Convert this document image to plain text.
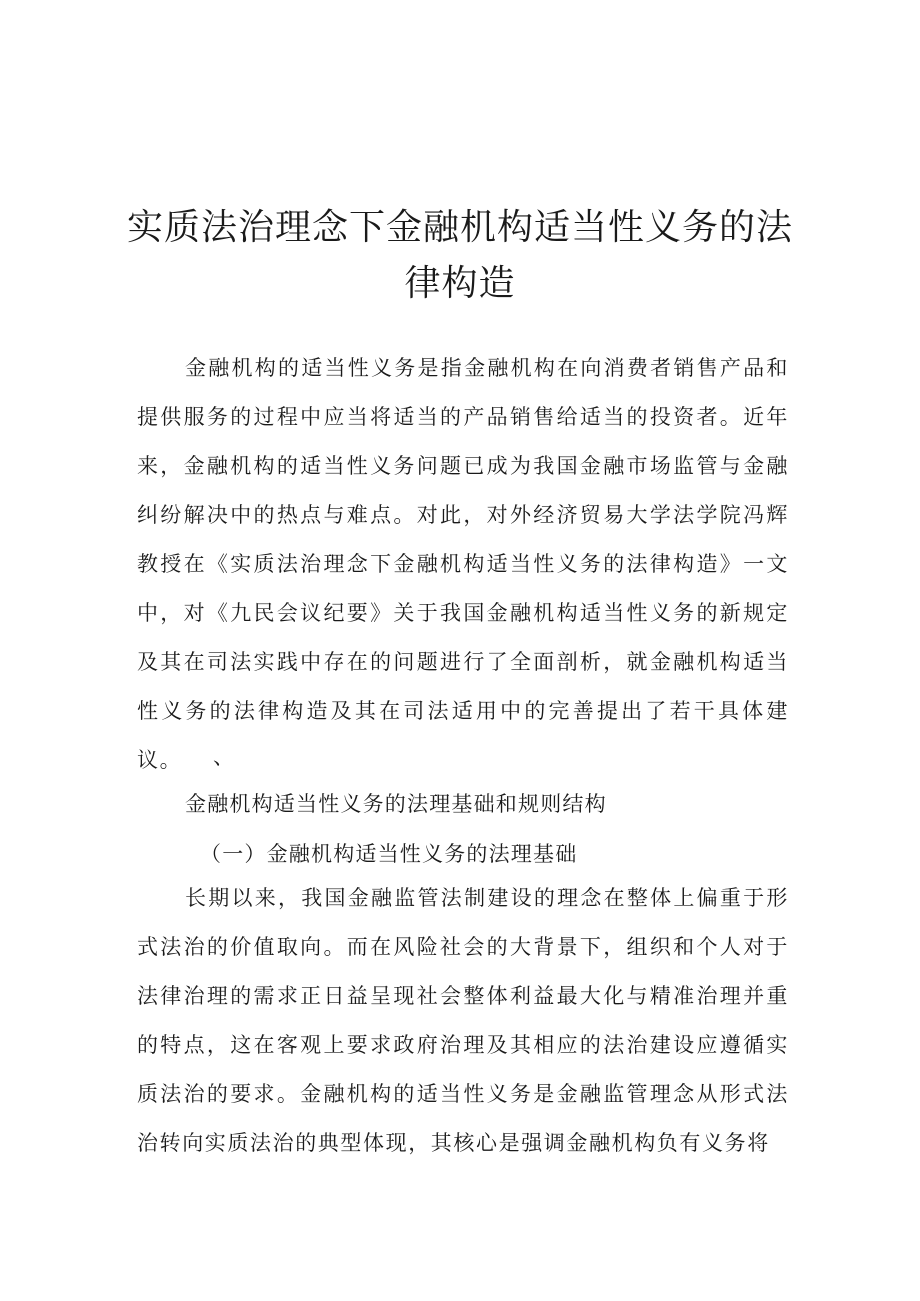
实质法治理念下金融机构适当性义务的法
律构造

金融机构的适当性义务是指金融机构在向消费者销售产品和提供服务的过程中应当将适当的产品销售给适当的投资者。近年来，金融机构的适当性义务问题已成为我国金融市场监管与金融纠纷解决中的热点与难点。对此，对外经济贸易大学法学院冯辉教授在《实质法治理念下金融机构适当性义务的法律构造》一文中，对《九民会议纪要》关于我国金融机构适当性义务的新规定及其在司法实践中存在的问题进行了全面剖析，就金融机构适当性义务的法律构造及其在司法适用中的完善提出了若干具体建议。	、
金融机构适当性义务的法理基础和规则结构
（一）金融机构适当性义务的法理基础

长期以来，我国金融监管法制建设的理念在整体上偏重于形式法治的价值取向。而在风险社会的大背景下，组织和个人对于法律治理的需求正日益呈现社会整体利益最大化与精准治理并重的特点，这在客观上要求政府治理及其相应的法治建设应遵循实质法治的要求。金融机构的适当性义务是金融监管理念从形式法治转向实质法治的典型体现，其核心是强调金融机构负有义务将
